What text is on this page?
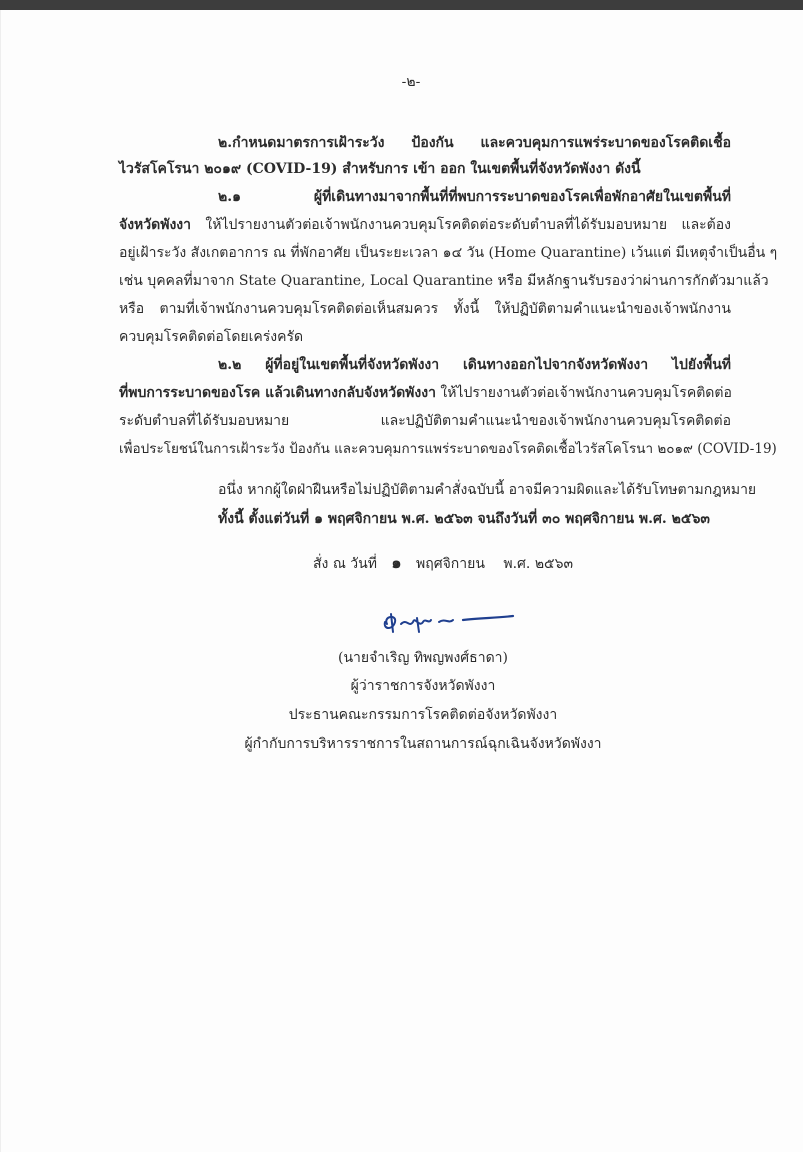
-๒-
๒.กำหนดมาตรการเฝ้าระวัง ป้องกัน และควบคุมการแพร่ระบาดของโรคติดเชื้อ
ไวรัสโคโรนา ๒๐๑๙ (COVID-19) สำหรับการ เข้า ออก ในเขตพื้นที่จังหวัดพังงา ดังนี้
๒.๑ ผู้ที่เดินทางมาจากพื้นที่ที่พบการระบาดของโรคเพื่อพักอาศัยในเขตพื้นที่
จังหวัดพังงา ให้ไปรายงานตัวต่อเจ้าพนักงานควบคุมโรคติดต่อระดับตำบลที่ได้รับมอบหมาย และต้อง
อยู่เฝ้าระวัง สังเกตอาการ ณ ที่พักอาศัย เป็นระยะเวลา ๑๔ วัน (Home Quarantine) เว้นแต่ มีเหตุจำเป็นอื่น ๆ
เช่น บุคคลที่มาจาก State Quarantine, Local Quarantine หรือ มีหลักฐานรับรองว่าผ่านการกักตัวมาแล้ว
หรือ ตามที่เจ้าพนักงานควบคุมโรคติดต่อเห็นสมควร ทั้งนี้ ให้ปฏิบัติตามคำแนะนำของเจ้าพนักงาน
ควบคุมโรคติดต่อโดยเคร่งครัด
๒.๒ ผู้ที่อยู่ในเขตพื้นที่จังหวัดพังงา เดินทางออกไปจากจังหวัดพังงา ไปยังพื้นที่
ที่พบการระบาดของโรค แล้วเดินทางกลับจังหวัดพังงา ให้ไปรายงานตัวต่อเจ้าพนักงานควบคุมโรคติดต่อ
ระดับตำบลที่ได้รับมอบหมาย และปฏิบัติตามคำแนะนำของเจ้าพนักงานควบคุมโรคติดต่อ
เพื่อประโยชน์ในการเฝ้าระวัง ป้องกัน และควบคุมการแพร่ระบาดของโรคติดเชื้อไวรัสโคโรนา ๒๐๑๙ (COVID-19)
อนึ่ง หากผู้ใดฝ่าฝืนหรือไม่ปฏิบัติตามคำสั่งฉบับนี้ อาจมีความผิดและได้รับโทษตามกฎหมาย
ทั้งนี้ ตั้งแต่วันที่ ๑ พฤศจิกายน พ.ศ. ๒๕๖๓ จนถึงวันที่ ๓๐ พฤศจิกายน พ.ศ. ๒๕๖๓
สั่ง ณ วันที่ ๑ พฤศจิกายน พ.ศ. ๒๕๖๓
(นายจำเริญ ทิพญพงศ์ธาดา)
ผู้ว่าราชการจังหวัดพังงา
ประธานคณะกรรมการโรคติดต่อจังหวัดพังงา
ผู้กำกับการบริหารราชการในสถานการณ์ฉุกเฉินจังหวัดพังงา
